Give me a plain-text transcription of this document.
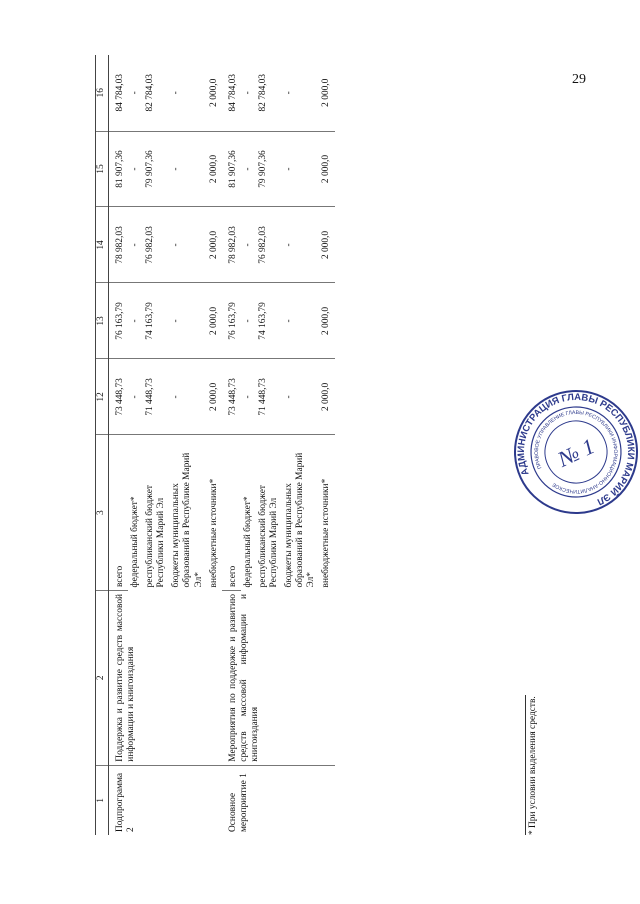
29
1	2	3	12	13	14	15	16
Подпрограмма 2	Поддержка и развитие средств массовой информации и книгоиздания	всего	73 448,73	76 163,79	78 982,03	81 907,36	84 784,03
		федеральный бюджет*	-	-	-	-	-
		республиканский бюджет Республики Марий Эл	71 448,73	74 163,79	76 982,03	79 907,36	82 784,03
		бюджеты муниципальных образований в Республике Марий Эл*	-	-	-	-	-
		внебюджетные источники*	2 000,0	2 000,0	2 000,0	2 000,0	2 000,0
Основное мероприятие 1	Мероприятия по поддержке и развитию средств массовой информации и книгоиздания	всего	73 448,73	76 163,79	78 982,03	81 907,36	84 784,03
		федеральный бюджет*	-	-	-	-	-
		республиканский бюджет Республики Марий Эл	71 448,73	74 163,79	76 982,03	79 907,36	82 784,03
		бюджеты муниципальных образований в Республике Марий Эл*	-	-	-	-	-
		внебюджетные источники*	2 000,0	2 000,0	2 000,0	2 000,0	2 000,0
* При условии выделения средств.
АДМИНИСТРАЦИЯ ГЛАВЫ РЕСПУБЛИКИ МАРИЙ ЭЛ
ПРАВОВОЕ УПРАВЛЕНИЕ ГЛАВЫ РЕСПУБЛИКИ ИНФОРМАЦИОННО-АНАЛИТИЧЕСКОЕ
№ 1
